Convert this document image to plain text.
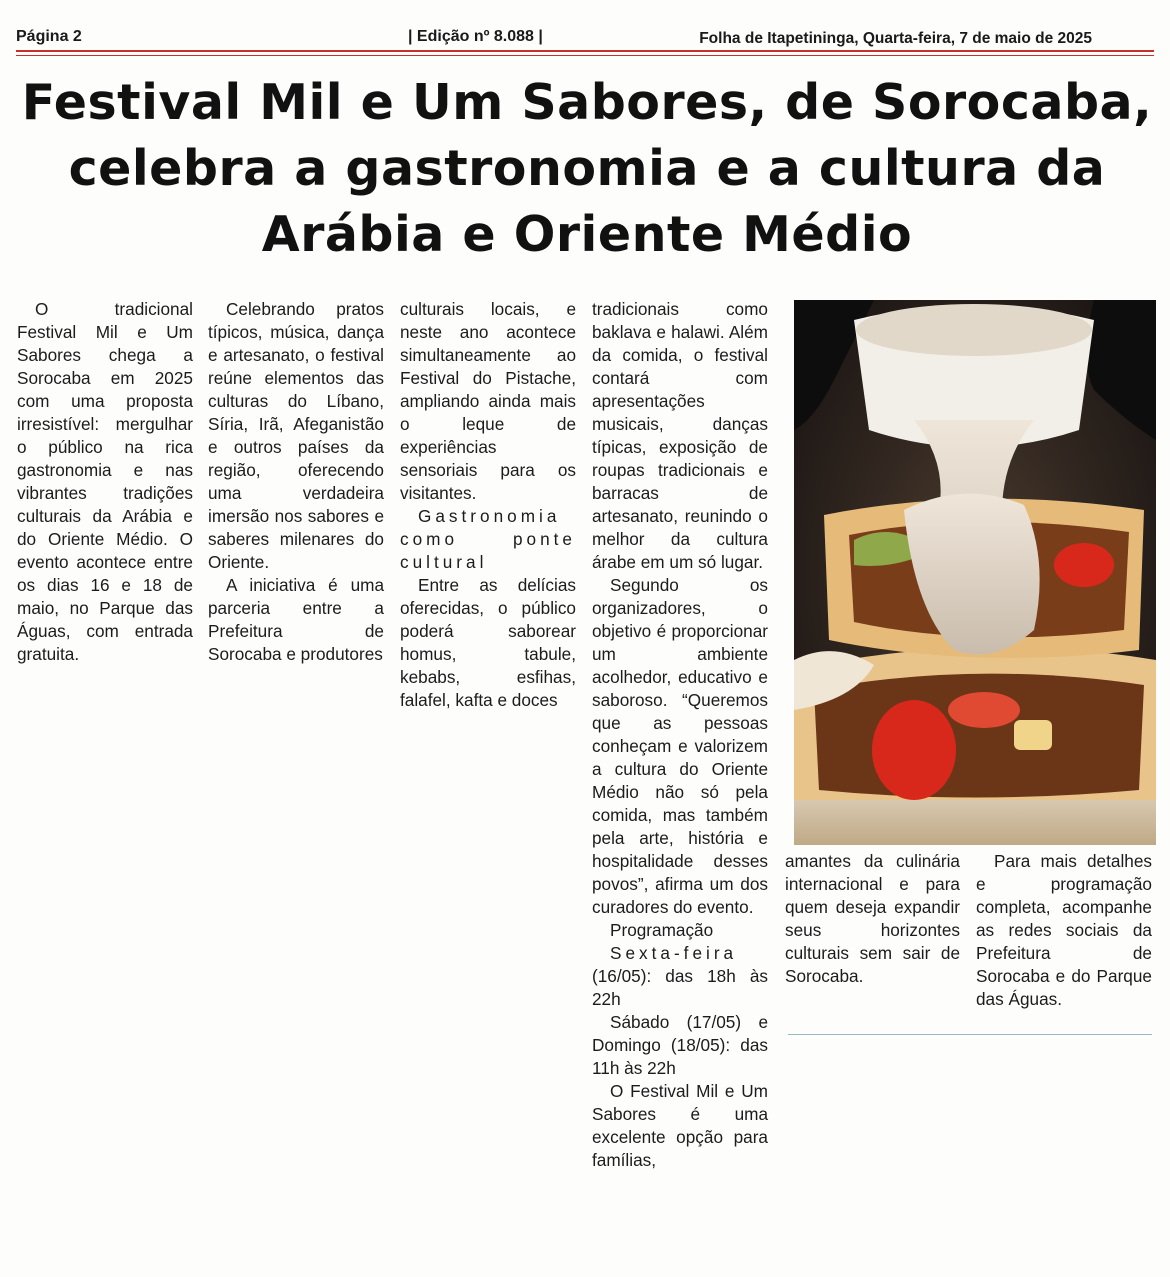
Página 2	| Edição nº 8.088 |	Folha de Itapetininga, Quarta-feira, 7 de maio de 2025
Festival Mil e Um Sabores, de Sorocaba, celebra a gastronomia e a cultura da Arábia e Oriente Médio

O tradicional Festival Mil e Um Sabores chega a Sorocaba em 2025 com uma proposta irresistível: mergulhar o público na rica gastronomia e nas vibrantes tradições culturais da Arábia e do Oriente Médio. O evento acontece entre os dias 16 e 18 de maio, no Parque das Águas, com entrada gratuita.

Celebrando pratos típicos, música, dança e artesanato, o festival reúne elementos das culturas do Líbano, Síria, Irã, Afeganistão e outros países da região, oferecendo uma verdadeira imersão nos sabores e saberes milenares do Oriente.

A iniciativa é uma parceria entre a Prefeitura de Sorocaba e produtores

culturais locais, e neste ano acontece simultaneamente ao Festival do Pistache, ampliando ainda mais o leque de experiências sensoriais para os visitantes.

Gastronomia como ponte cultural

Entre as delícias oferecidas, o público poderá saborear homus, tabule, kebabs, esfihas, falafel, kafta e doces

tradicionais como baklava e halawi. Além da comida, o festival contará com apresentações musicais, danças típicas, exposição de roupas tradicionais e barracas de artesanato, reunindo o melhor da cultura árabe em um só lugar.

Segundo os organizadores, o objetivo é proporcionar um ambiente acolhedor, educativo e saboroso. “Queremos que as pessoas conheçam e valorizem a cultura do Oriente Médio não só pela comida, mas também pela arte, história e hospitalidade desses povos”, afirma um dos curadores do evento.

Programação

Sexta-feira (16/05): das 18h às 22h

Sábado (17/05) e Domingo (18/05): das 11h às 22h

O Festival Mil e Um Sabores é uma excelente opção para famílias,

amantes da culinária internacional e para quem deseja expandir seus horizontes culturais sem sair de Sorocaba.

Para mais detalhes e programação completa, acompanhe as redes sociais da Prefeitura de Sorocaba e do Parque das Águas.
